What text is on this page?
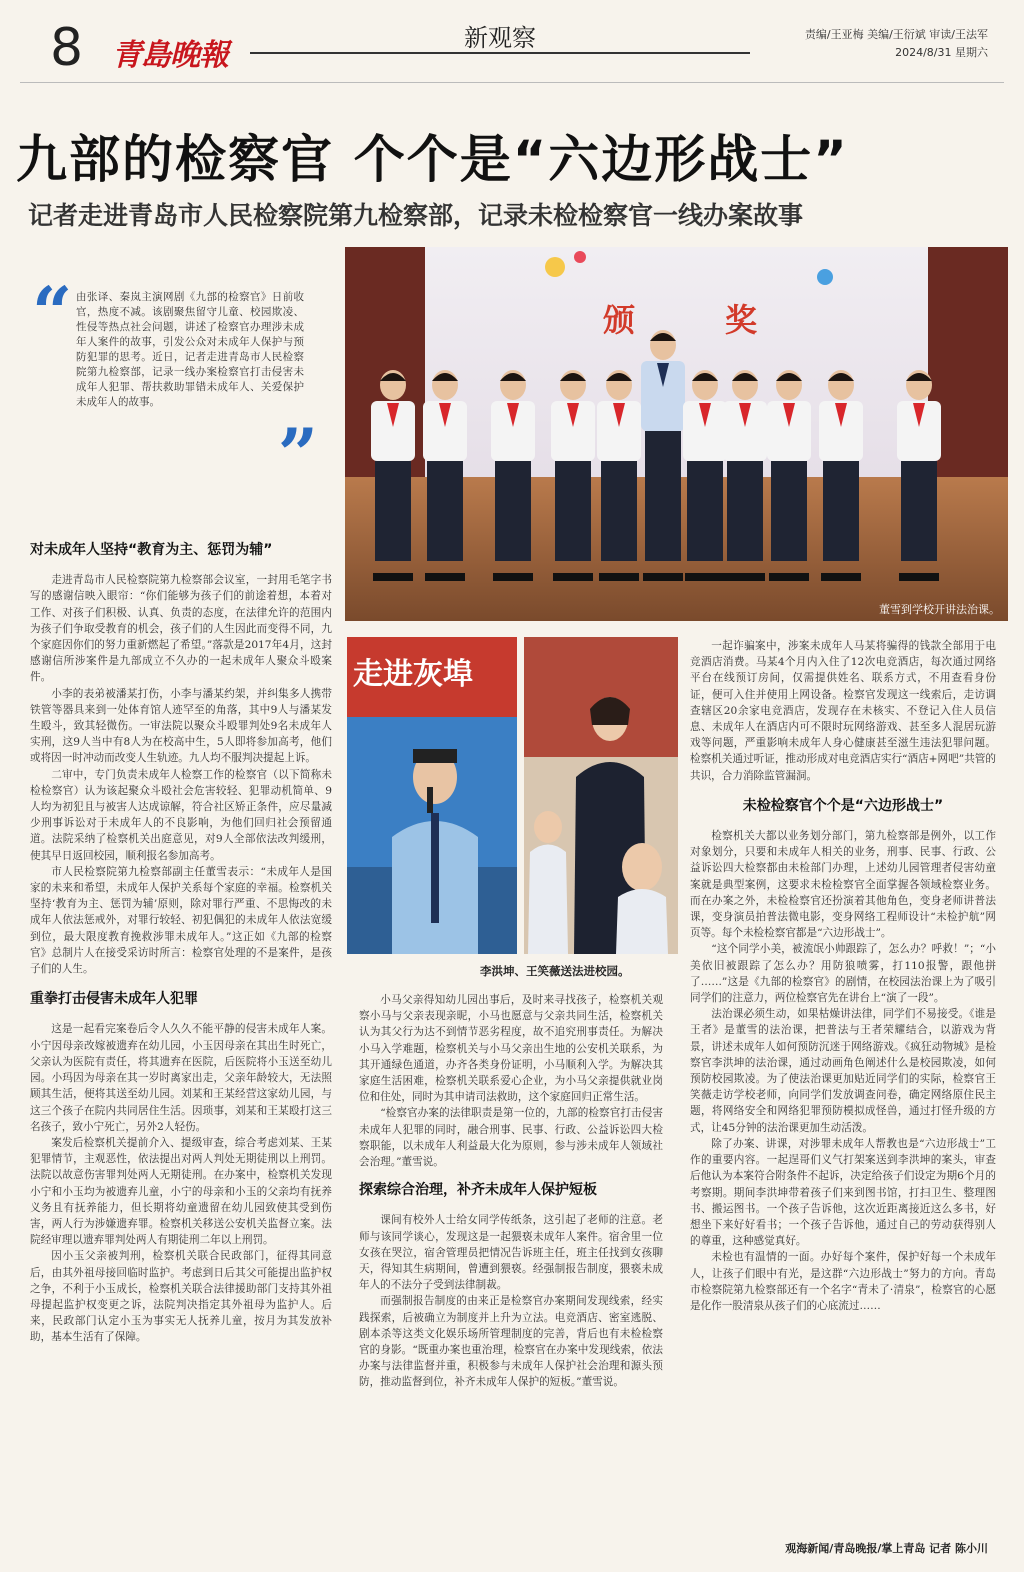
8 青島晚報	新观察	责编/王亚梅 美编/王衍斌 审读/王法军
2024/8/31 星期六
九部的检察官 个个是“六边形战士”
记者走进青岛市人民检察院第九检察部，记录未检检察官一线办案故事
“ 由张译、秦岚主演网剧《九部的检察官》日前收官，热度不减。该剧聚焦留守儿童、校园欺凌、性侵等热点社会问题，讲述了检察官办理涉未成年人案件的故事，引发公众对未成年人保护与预防犯罪的思考。近日，记者走进青岛市人民检察院第九检察部，记录一线办案检察官打击侵害未成年人犯罪、帮扶救助罪错未成年人、关爱保护未成年人的故事。
”
颁	奖
董雪到学校开讲法治课。
走进灰埠
李洪坤、王笑薇送法进校园。
对未成年人坚持“教育为主、惩罚为辅”

走进青岛市人民检察院第九检察部会议室，一封用毛笔字书写的感谢信映入眼帘：“你们能够为孩子们的前途着想，本着对工作、对孩子们积极、认真、负责的态度，在法律允许的范围内为孩子们争取受教育的机会，孩子们的人生因此而变得不同，九个家庭因你们的努力重新燃起了希望。”落款是2017年4月，这封感谢信所涉案件是九部成立不久办的一起未成年人聚众斗殴案件。

小李的表弟被潘某打伤，小李与潘某约架，并纠集多人携带铁管等器具来到一处体育馆人迹罕至的角落，其中9人与潘某发生殴斗，致其轻微伤。一审法院以聚众斗殴罪判处9名未成年人实刑，这9人当中有8人为在校高中生，5人即将参加高考，他们或将因一时冲动而改变人生轨迹。九人均不服判决提起上诉。

二审中，专门负责未成年人检察工作的检察官（以下简称未检检察官）认为该起聚众斗殴社会危害较轻、犯罪动机简单、9人均为初犯且与被害人达成谅解，符合社区矫正条件，应尽量减少刑事诉讼对于未成年人的不良影响，为他们回归社会预留通道。法院采纳了检察机关出庭意见，对9人全部依法改判缓刑，使其早日返回校园，顺利报名参加高考。

市人民检察院第九检察部副主任董雪表示：“未成年人是国家的未来和希望，未成年人保护关系每个家庭的幸福。检察机关坚持‘教育为主、惩罚为辅’原则，除对罪行严重、不思悔改的未成年人依法惩戒外，对罪行较轻、初犯偶犯的未成年人依法宽缓到位，最大限度教育挽救涉罪未成年人。”这正如《九部的检察官》总制片人在接受采访时所言：检察官处理的不是案件，是孩子们的人生。

重拳打击侵害未成年人犯罪

这是一起看完案卷后令人久久不能平静的侵害未成年人案。小宁因母亲改嫁被遗弃在幼儿园，小玉因母亲在其出生时死亡，父亲认为医院有责任，将其遗弃在医院，后医院将小玉送至幼儿园。小玛因为母亲在其一岁时离家出走，父亲年龄较大，无法照顾其生活，便将其送至幼儿园。刘某和王某经营这家幼儿园，与这三个孩子在院内共同居住生活。因琐事，刘某和王某殴打这三名孩子，致小宁死亡，另外2人轻伤。

案发后检察机关提前介入、提级审查，综合考虑刘某、王某犯罪情节，主观恶性，依法提出对两人判处无期徒刑以上刑罚。法院以故意伤害罪判处两人无期徒刑。在办案中，检察机关发现小宁和小玉均为被遗弃儿童，小宁的母亲和小玉的父亲均有抚养义务且有抚养能力，但长期将幼童遗留在幼儿园致使其受到伤害，两人行为涉嫌遗弃罪。检察机关移送公安机关监督立案。法院经审理以遗弃罪判处两人有期徒刑二年以上刑罚。

因小玉父亲被判刑，检察机关联合民政部门，征得其同意后，由其外祖母接回临时监护。考虑到日后其父可能提出监护权之争，不利于小玉成长，检察机关联合法律援助部门支持其外祖母提起监护权变更之诉，法院判决指定其外祖母为监护人。后来，民政部门认定小玉为事实无人抚养儿童，按月为其发放补助，基本生活有了保障。

小马父亲得知幼儿园出事后，及时来寻找孩子，检察机关观察小马与父亲表现亲昵，小马也愿意与父亲共同生活，检察机关认为其父行为达不到情节恶劣程度，故不追究刑事责任。为解决小马入学难题，检察机关与小马父亲出生地的公安机关联系，为其开通绿色通道，办齐各类身份证明，小马顺利入学。为解决其家庭生活困难，检察机关联系爱心企业，为小马父亲提供就业岗位和住处，同时为其申请司法救助，这个家庭回归正常生活。

“检察官办案的法律职责是第一位的，九部的检察官打击侵害未成年人犯罪的同时，融合刑事、民事、行政、公益诉讼四大检察职能，以未成年人利益最大化为原则，参与涉未成年人领域社会治理。”董雪说。

探索综合治理，补齐未成年人保护短板

课间有校外人士给女同学传纸条，这引起了老师的注意。老师与该同学谈心，发现这是一起猥亵未成年人案件。宿舍里一位女孩在哭泣，宿舍管理员把情况告诉班主任，班主任找到女孩聊天，得知其生病期间，曾遭到猥亵。经强制报告制度，猥亵未成年人的不法分子受到法律制裁。

而强制报告制度的由来正是检察官办案期间发现线索，经实践探索，后被确立为制度并上升为立法。电竞酒店、密室逃脱、剧本杀等这类文化娱乐场所管理制度的完善，背后也有未检检察官的身影。“既重办案也重治理，检察官在办案中发现线索，依法办案与法律监督并重，积极参与未成年人保护社会治理和源头预防，推动监督到位，补齐未成年人保护的短板。”董雪说。

一起诈骗案中，涉案未成年人马某将骗得的钱款全部用于电竞酒店消费。马某4个月内入住了12次电竞酒店，每次通过网络平台在线预订房间，仅需提供姓名、联系方式，不用查看身份证，便可入住并使用上网设备。检察官发现这一线索后，走访调查辖区20余家电竞酒店，发现存在未核实、不登记入住人员信息、未成年人在酒店内可不限时玩网络游戏、甚至多人混居玩游戏等问题，严重影响未成年人身心健康甚至滋生违法犯罪问题。检察机关通过听证，推动形成对电竞酒店实行“酒店+网吧”共管的共识，合力消除监管漏洞。

未检检察官个个是“六边形战士”

检察机关大都以业务划分部门，第九检察部是例外，以工作对象划分，只要和未成年人相关的业务，刑事、民事、行政、公益诉讼四大检察都由未检部门办理，上述幼儿园管理者侵害幼童案就是典型案例，这要求未检检察官全面掌握各领域检察业务。而在办案之外，未检检察官还扮演着其他角色，变身老师讲普法课，变身演员拍普法微电影，变身网络工程师设计“未检护航”网页等。每个未检检察官都是“六边形战士”。

“这个同学小美，被流氓小帅跟踪了，怎么办？呼救！”；“小美依旧被跟踪了怎么办？用防狼喷雾，打110报警，跟他拼了……”这是《九部的检察官》的剧情，在校园法治课上为了吸引同学们的注意力，两位检察官先在讲台上“演了一段”。

法治课必须生动，如果枯燥讲法律，同学们不易接受。《谁是王者》是董雪的法治课，把普法与王者荣耀结合，以游戏为背景，讲述未成年人如何预防沉迷于网络游戏。《疯狂动物城》是检察官李洪坤的法治课，通过动画角色阐述什么是校园欺凌，如何预防校园欺凌。为了使法治课更加贴近同学们的实际，检察官王笑薇走访学校老师，向同学们发放调查问卷，确定网络原住民主题，将网络安全和网络犯罪预防模拟成怪兽，通过打怪升级的方式，让45分钟的法治课更加生动活泼。

除了办案、讲课，对涉罪未成年人帮教也是“六边形战士”工作的重要内容。一起逞哥们义气打架案送到李洪坤的案头，审查后他认为本案符合附条件不起诉，决定给孩子们设定为期6个月的考察期。期间李洪坤带着孩子们来到图书馆，打扫卫生、整理图书、搬运图书。一个孩子告诉他，这次近距离接近这么多书，好想坐下来好好看书；一个孩子告诉他，通过自己的劳动获得别人的尊重，这种感觉真好。

未检也有温情的一面。办好每个案件，保护好每一个未成年人，让孩子们眼中有光，是这群“六边形战士”努力的方向。青岛市检察院第九检察部还有一个名字“青未了·清泉”，检察官的心愿是化作一股清泉从孩子们的心底流过……

观海新闻/青岛晚报/掌上青岛 记者 陈小川
